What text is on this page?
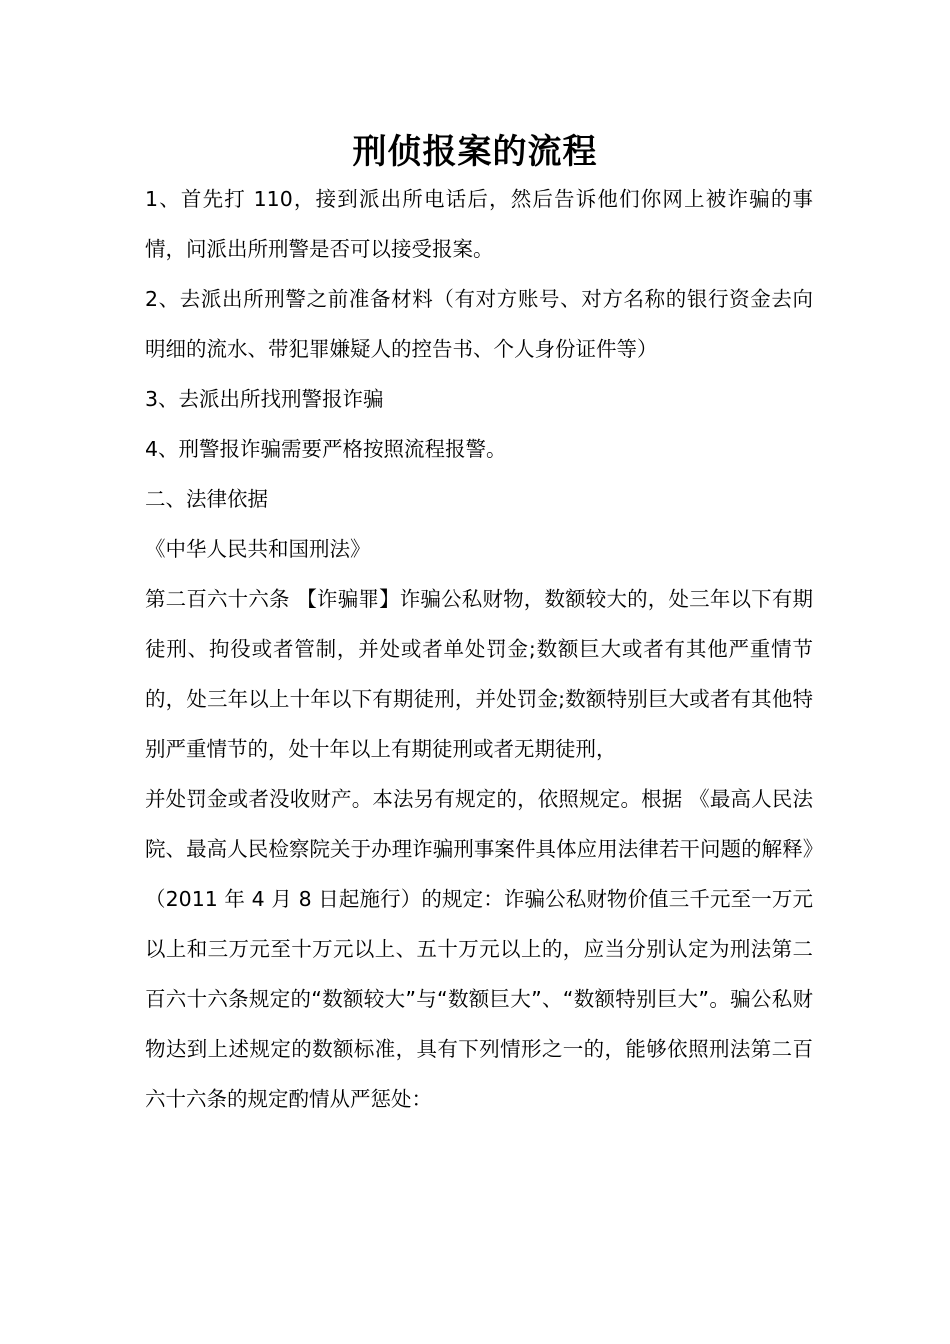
刑侦报案的流程

1、首先打 110，接到派出所电话后，然后告诉他们你网上被诈骗的事情，问派出所刑警是否可以接受报案。

2、去派出所刑警之前准备材料（有对方账号、对方名称的银行资金去向明细的流水、带犯罪嫌疑人的控告书、个人身份证件等）

3、去派出所找刑警报诈骗

4、刑警报诈骗需要严格按照流程报警。

二、法律依据

《中华人民共和国刑法》

第二百六十六条 【诈骗罪】诈骗公私财物，数额较大的，处三年以下有期徒刑、拘役或者管制，并处或者单处罚金;数额巨大或者有其他严重情节的，处三年以上十年以下有期徒刑，并处罚金;数额特别巨大或者有其他特别严重情节的，处十年以上有期徒刑或者无期徒刑，

并处罚金或者没收财产。本法另有规定的，依照规定。根据 《最高人民法院、最高人民检察院关于办理诈骗刑事案件具体应用法律若干问题的解释》（2011 年 4 月 8 日起施行）的规定：诈骗公私财物价值三千元至一万元以上和三万元至十万元以上、五十万元以上的，应当分别认定为刑法第二百六十六条规定的“数额较大”与“数额巨大”、“数额特别巨大”。骗公私财物达到上述规定的数额标准，具有下列情形之一的，能够依照刑法第二百六十六条的规定酌情从严惩处：
